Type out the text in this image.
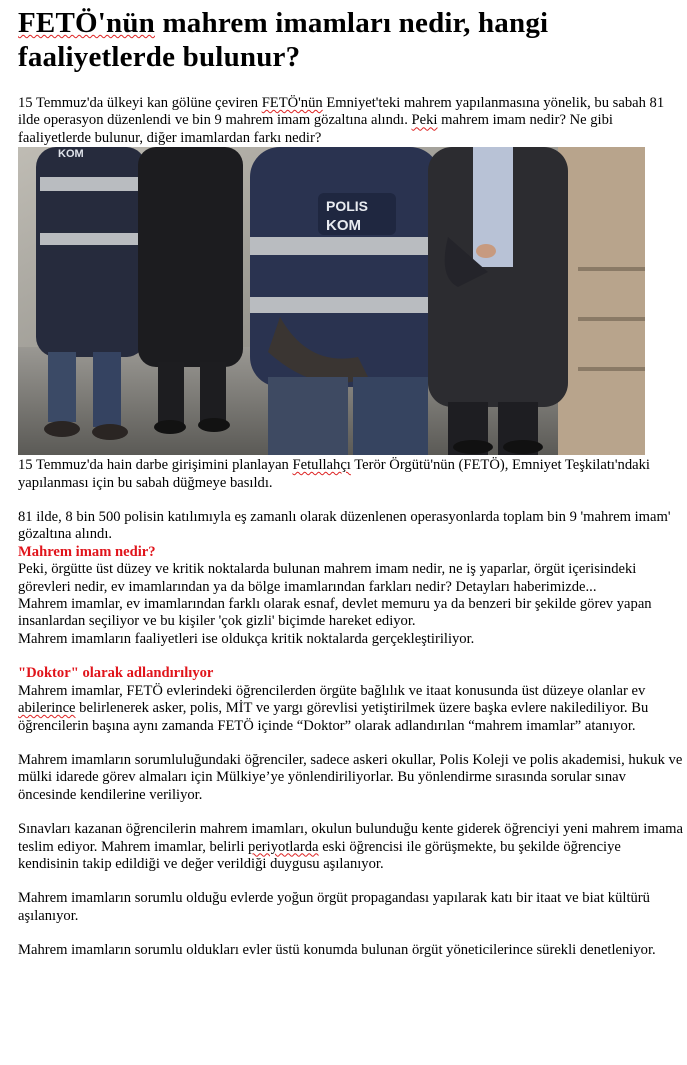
FETÖ'nün mahrem imamları nedir, hangi faaliyetlerde bulunur?

15 Temmuz'da ülkeyi kan gölüne çeviren FETÖ'nün Emniyet'teki mahrem yapılanmasına yönelik, bu sabah 81 ilde operasyon düzenlendi ve bin 9 mahrem imam gözaltına alındı. Peki mahrem imam nedir? Ne gibi faaliyetlerde bulunur, diğer imamlardan farkı nedir?

KOM
POLIS
KOM

15 Temmuz'da hain darbe girişimini planlayan Fetullahçı Terör Örgütü'nün (FETÖ), Emniyet Teşkilatı'ndaki yapılanması için bu sabah düğmeye basıldı.

81 ilde, 8 bin 500 polisin katılımıyla eş zamanlı olarak düzenlenen operasyonlarda toplam bin 9 'mahrem imam' gözaltına alındı.

Mahrem imam nedir?

Peki, örgütte üst düzey ve kritik noktalarda bulunan mahrem imam nedir, ne iş yaparlar, örgüt içerisindeki görevleri nedir, ev imamlarından ya da bölge imamlarından farkları nedir? Detayları haberimizde...

Mahrem imamlar, ev imamlarından farklı olarak esnaf, devlet memuru ya da benzeri bir şekilde görev yapan insanlardan seçiliyor ve bu kişiler 'çok gizli' biçimde hareket ediyor.

Mahrem imamların faaliyetleri ise oldukça kritik noktalarda gerçekleştiriliyor.

"Doktor" olarak adlandırılıyor

Mahrem imamlar, FETÖ evlerindeki öğrencilerden örgüte bağlılık ve itaat konusunda üst düzeye olanlar ev abilerince belirlenerek asker, polis, MİT ve yargı görevlisi yetiştirilmek üzere başka evlere nakilediliyor. Bu öğrencilerin başına aynı zamanda FETÖ içinde “Doktor” olarak adlandırılan “mahrem imamlar” atanıyor.

Mahrem imamların sorumluluğundaki öğrenciler, sadece askeri okullar, Polis Koleji ve polis akademisi, hukuk ve mülki idarede görev almaları için Mülkiye’ye yönlendiriliyorlar. Bu yönlendirme sırasında sorular sınav öncesinde kendilerine veriliyor.

Sınavları kazanan öğrencilerin mahrem imamları, okulun bulunduğu kente giderek öğrenciyi yeni mahrem imama teslim ediyor. Mahrem imamlar, belirli periyotlarda eski öğrencisi ile görüşmekte, bu şekilde öğrenciye kendisinin takip edildiği ve değer verildiği duygusu aşılanıyor.

Mahrem imamların sorumlu olduğu evlerde yoğun örgüt propagandası yapılarak katı bir itaat ve biat kültürü aşılanıyor.

Mahrem imamların sorumlu oldukları evler üstü konumda bulunan örgüt yöneticilerince sürekli denetleniyor.
